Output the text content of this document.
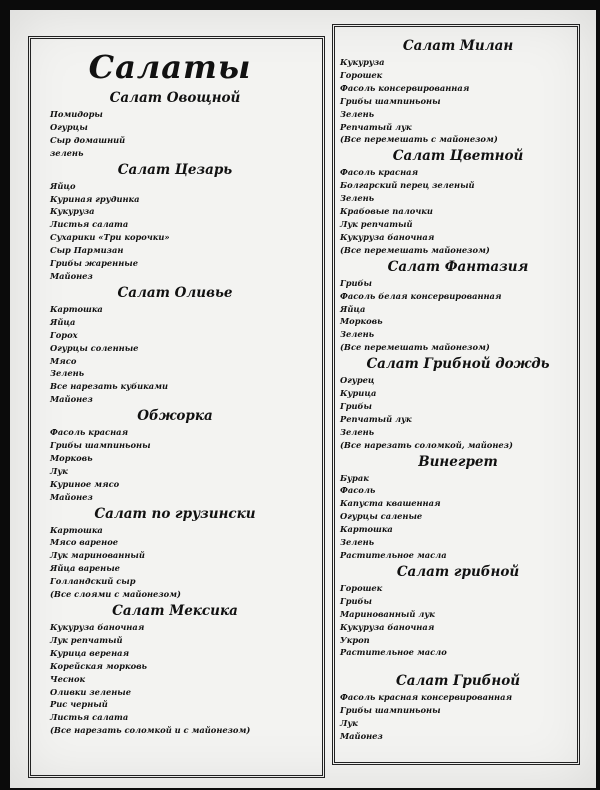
Салаты
Салат Овощной
Помидоры
Огурцы
Сыр домашний
зелень
Салат Цезарь
Яйцо
Куриная грудинка
Кукуруза
Листья салата
Сухарики «Три корочки»
Сыр Пармизан
Грибы жаренные
Майонез
Салат Оливье
Картошка
Яйца
Горох
Огурцы соленные
Мясо
Зелень
Все нарезать кубиками
Майонез
Обжорка
Фасоль красная
Грибы шампиньоны
Морковь
Лук
Куриное мясо
Майонез
Салат по грузински
Картошка
Мясо вареное
Лук маринованный
Яйца вареные
Голландский сыр
(Все слоями с майонезом)
Салат Мексика
Кукуруза баночная
Лук репчатый
Курица вереная
Корейская морковь
Чеснок
Оливки зеленые
Рис черный
Листья салата
(Все нарезать соломкой и с майонезом)
Салат Милан
Кукуруза
Горошек
Фасоль консервированная
Грибы шампиньоны
Зелень
Репчатый лук
(Все перемешать с майонезом)
Салат Цветной
Фасоль красная
Болгарский перец зеленый
Зелень
Крабовые палочки
Лук репчатый
Кукуруза баночная
(Все перемешать майонезом)
Салат Фантазия
Грибы
Фасоль белая консервированная
Яйца
Морковь
Зелень
(Все перемешать майонезом)
Салат Грибной дождь
Огурец
Курица
Грибы
Репчатый лук
Зелень
(Все нарезать соломкой, майонез)
Винегрет
Бурак
Фасоль
Капуста квашенная
Огурцы саленые
Картошка
Зелень
Растительное масла
Салат грибной
Горошек
Грибы
Маринованный лук
Кукуруза баночная
Укроп
Растительное масло
Салат Грибной
Фасоль красная консервированная
Грибы шампиньоны
Лук
Майонез
